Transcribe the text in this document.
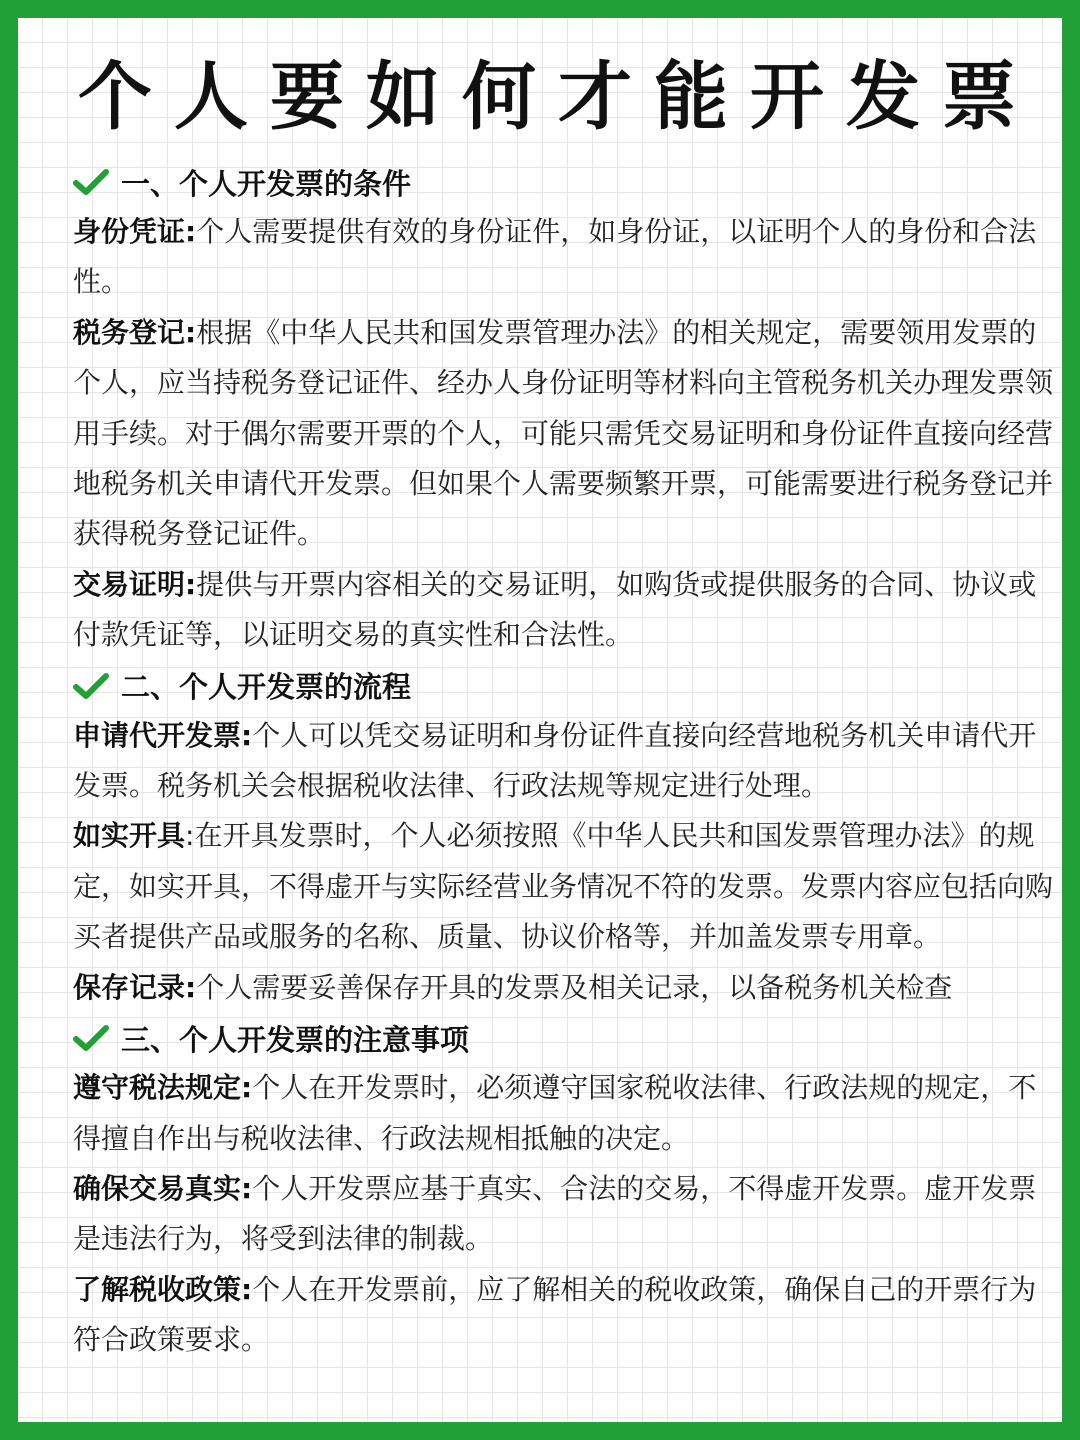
个人要如何才能开发票
一、个人开发票的条件

身份凭证:个人需要提供有效的身份证件，如身份证，以证明个人的身份和合法性。

税务登记:根据《中华人民共和国发票管理办法》的相关规定，需要领用发票的个人，应当持税务登记证件、经办人身份证明等材料向主管税务机关办理发票领用手续。对于偶尔需要开票的个人，可能只需凭交易证明和身份证件直接向经营地税务机关申请代开发票。但如果个人需要频繁开票，可能需要进行税务登记并获得税务登记证件。

交易证明:提供与开票内容相关的交易证明，如购货或提供服务的合同、协议或付款凭证等，以证明交易的真实性和合法性。

二、个人开发票的流程

申请代开发票:个人可以凭交易证明和身份证件直接向经营地税务机关申请代开发票。税务机关会根据税收法律、行政法规等规定进行处理。

如实开具:在开具发票时，个人必须按照《中华人民共和国发票管理办法》的规定，如实开具，不得虚开与实际经营业务情况不符的发票。发票内容应包括向购买者提供产品或服务的名称、质量、协议价格等，并加盖发票专用章。

保存记录:个人需要妥善保存开具的发票及相关记录，以备税务机关检查

三、个人开发票的注意事项

遵守税法规定:个人在开发票时，必须遵守国家税收法律、行政法规的规定，不得擅自作出与税收法律、行政法规相抵触的决定。

确保交易真实:个人开发票应基于真实、合法的交易，不得虚开发票。虚开发票是违法行为，将受到法律的制裁。

了解税收政策:个人在开发票前，应了解相关的税收政策，确保自己的开票行为符合政策要求。
